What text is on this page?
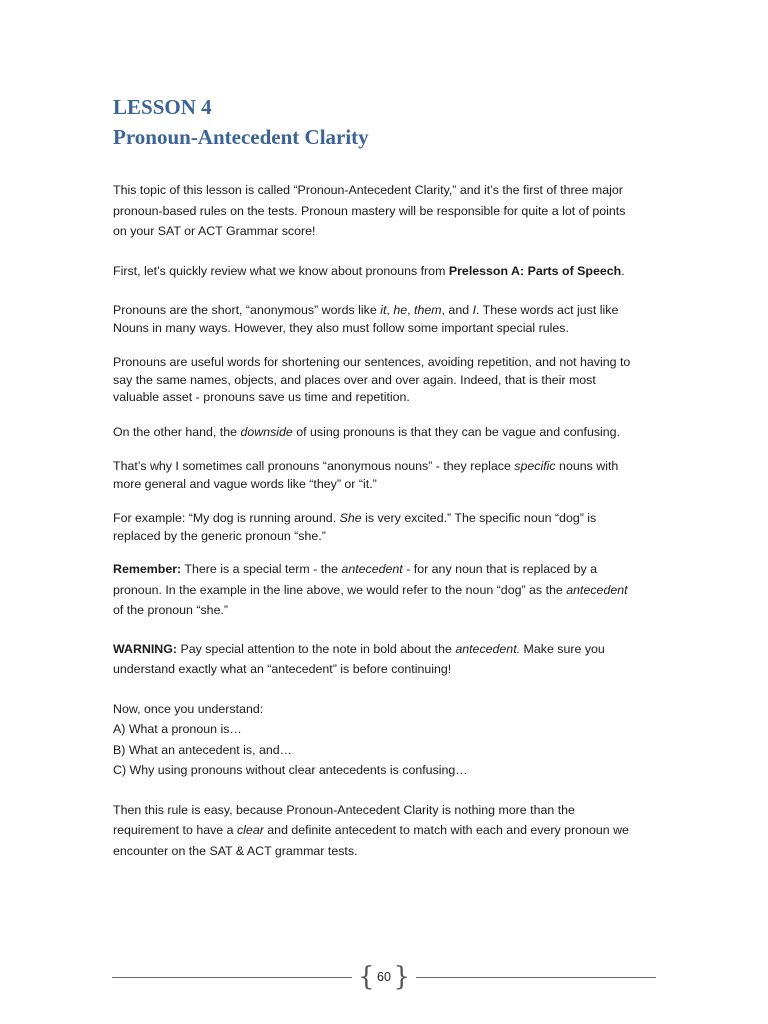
LESSON 4
Pronoun-Antecedent Clarity
This topic of this lesson is called “Pronoun-Antecedent Clarity,” and it’s the first of three major
pronoun-based rules on the tests. Pronoun mastery will be responsible for quite a lot of points
on your SAT or ACT Grammar score!
First, let’s quickly review what we know about pronouns from Prelesson A: Parts of Speech.
Pronouns are the short, “anonymous” words like it, he, them, and I. These words act just like
Nouns in many ways. However, they also must follow some important special rules.
Pronouns are useful words for shortening our sentences, avoiding repetition, and not having to
say the same names, objects, and places over and over again. Indeed, that is their most
valuable asset - pronouns save us time and repetition.
On the other hand, the downside of using pronouns is that they can be vague and confusing.
That’s why I sometimes call pronouns “anonymous nouns” - they replace specific nouns with
more general and vague words like “they” or “it.”
For example: “My dog is running around. She is very excited.” The specific noun “dog” is
replaced by the generic pronoun “she.”
Remember: There is a special term - the antecedent - for any noun that is replaced by a
pronoun. In the example in the line above, we would refer to the noun “dog” as the antecedent
of the pronoun “she.”
WARNING: Pay special attention to the note in bold about the antecedent. Make sure you
understand exactly what an “antecedent” is before continuing!
Now, once you understand:
A) What a pronoun is…
B) What an antecedent is, and…
C) Why using pronouns without clear antecedents is confusing…
Then this rule is easy, because Pronoun-Antecedent Clarity is nothing more than the
requirement to have a clear and definite antecedent to match with each and every pronoun we
encounter on the SAT & ACT grammar tests.
{ 60 }
